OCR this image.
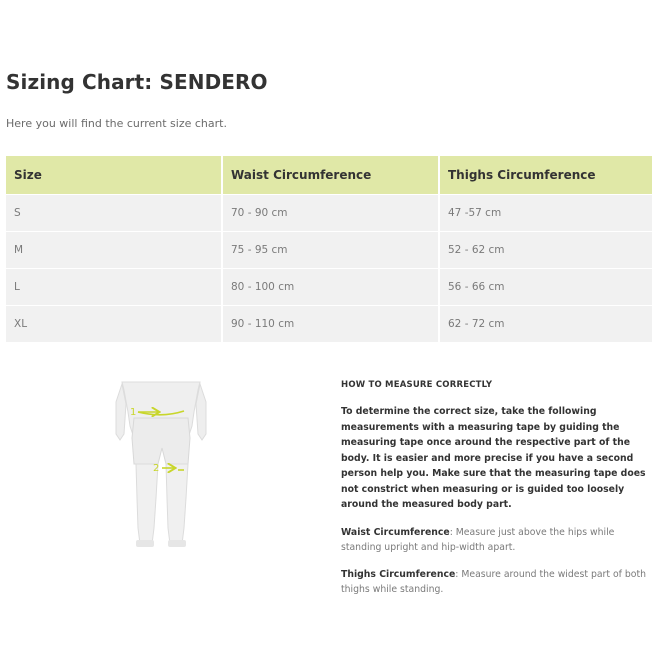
Sizing Chart: SENDERO
Here you will find the current size chart.
Size	Waist Circumference	Thighs Circumference
S	70 - 90 cm	47 -57 cm
M	75 - 95 cm	52 - 62 cm
L	80 - 100 cm	56 - 66 cm
XL	90 - 110 cm	62 - 72 cm
1
2
HOW TO MEASURE CORRECTLY

To determine the correct size, take the following measurements with a measuring tape by guiding the measuring tape once around the respective part of the body. It is easier and more precise if you have a second person help you. Make sure that the measuring tape does not constrict when measuring or is guided too loosely around the measured body part.

Waist Circumference: Measure just above the hips while standing upright and hip-width apart.

Thighs Circumference: Measure around the widest part of both thighs while standing.
